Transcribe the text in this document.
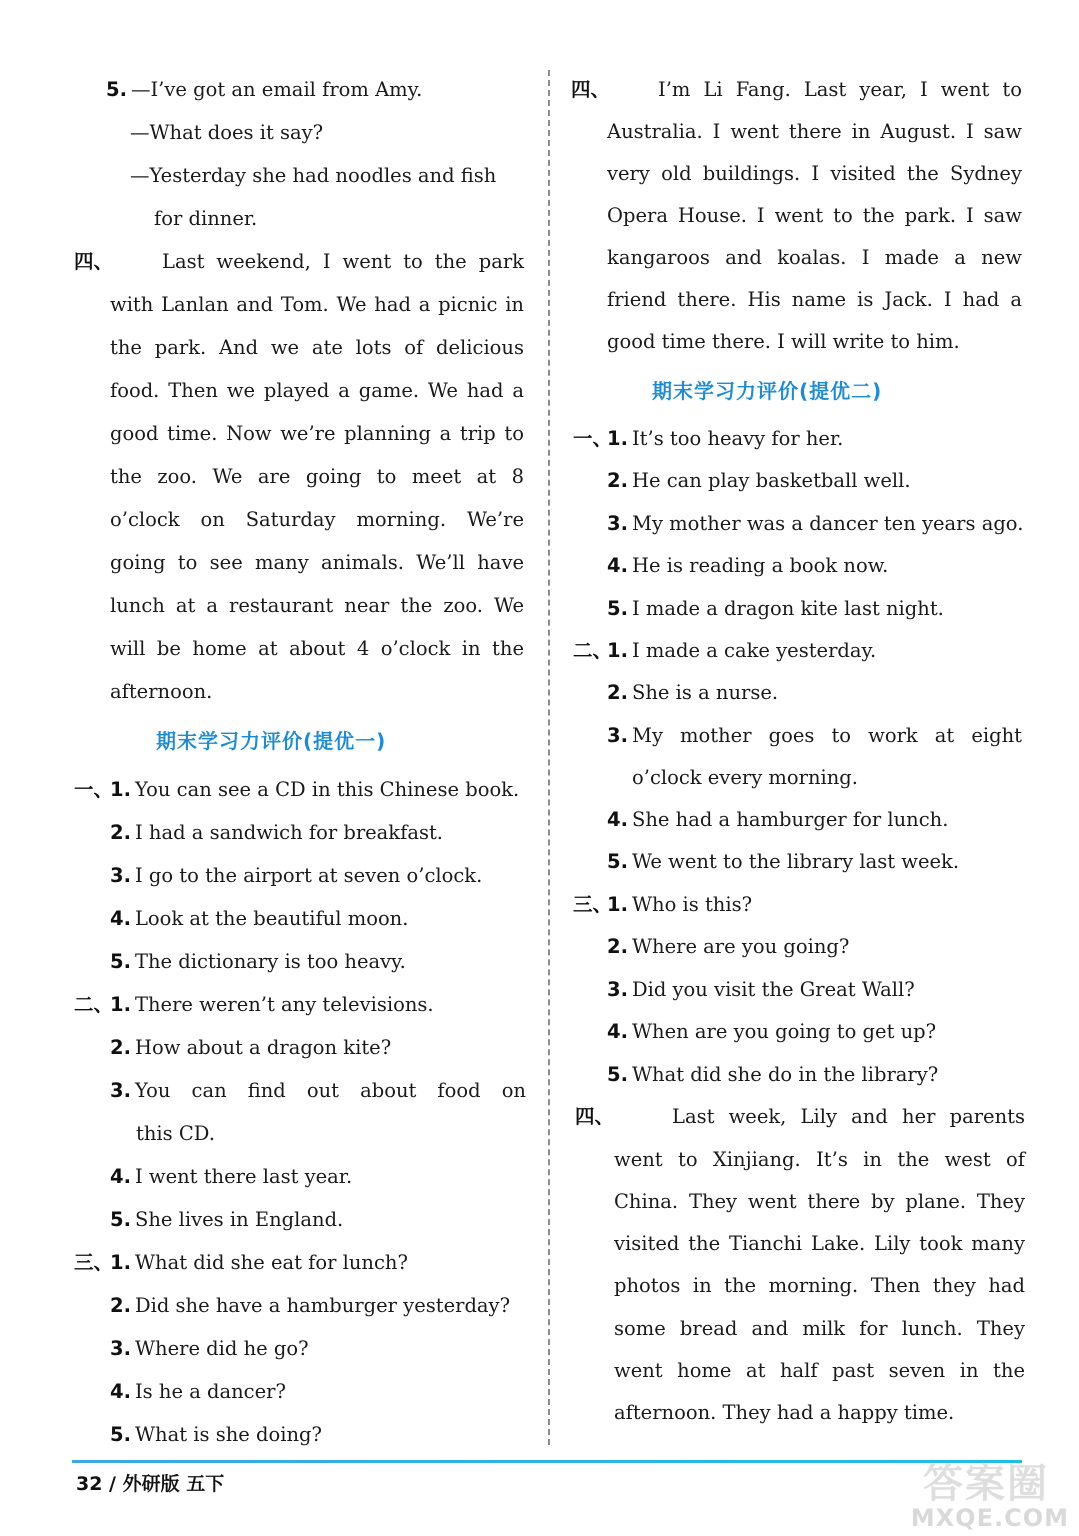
5. —I’ve got an email from Amy.
—What does it say?
—Yesterday she had noodles and fish
for dinner.
四、	Last weekend, I went to the park
with Lanlan and Tom. We had a picnic in
the park. And we ate lots of delicious
food. Then we played a game. We had a
good time. Now we’re planning a trip to
the zoo. We are going to meet at 8
o’clock on Saturday morning. We’re
going to see many animals. We’ll have
lunch at a restaurant near the zoo. We
will be home at about 4 o’clock in the
afternoon.
期末学习力评价(提优一)
一、
1. You can see a CD in this Chinese book.
2. I had a sandwich for breakfast.
3. I go to the airport at seven o’clock.
4. Look at the beautiful moon.
5. The dictionary is too heavy.
二、
1. There weren’t any televisions.
2. How about a dragon kite?
3. You can find out about food on
this CD.
4. I went there last year.
5. She lives in England.
三、
1. What did she eat for lunch?
2. Did she have a hamburger yesterday?
3. Where did he go?
4. Is he a dancer?
5. What is she doing?
四、 I’m Li Fang. Last year, I went to
Australia. I went there in August. I saw
very old buildings. I visited the Sydney
Opera House. I went to the park. I saw
kangaroos and koalas. I made a new
friend there. His name is Jack. I had a
good time there. I will write to him.
期末学习力评价(提优二)
一、
1. It’s too heavy for her.
2. He can play basketball well.
3. My mother was a dancer ten years ago.
4. He is reading a book now.
5. I made a dragon kite last night.
二、
1. I made a cake yesterday.
2. She is a nurse.
3. My mother goes to work at eight
o’clock every morning.
4. She had a hamburger for lunch.
5. We went to the library last week.
三、
1. Who is this?
2. Where are you going?
3. Did you visit the Great Wall?
4. When are you going to get up?
5. What did she do in the library?
四、	Last week, Lily and her parents
went to Xinjiang. It’s in the west of
China. They went there by plane. They
visited the Tianchi Lake. Lily took many
photos in the morning. Then they had
some bread and milk for lunch. They
went home at half past seven in the
afternoon. They had a happy time.
32 / 外研版 五下	答案圈
MXQE.COM
